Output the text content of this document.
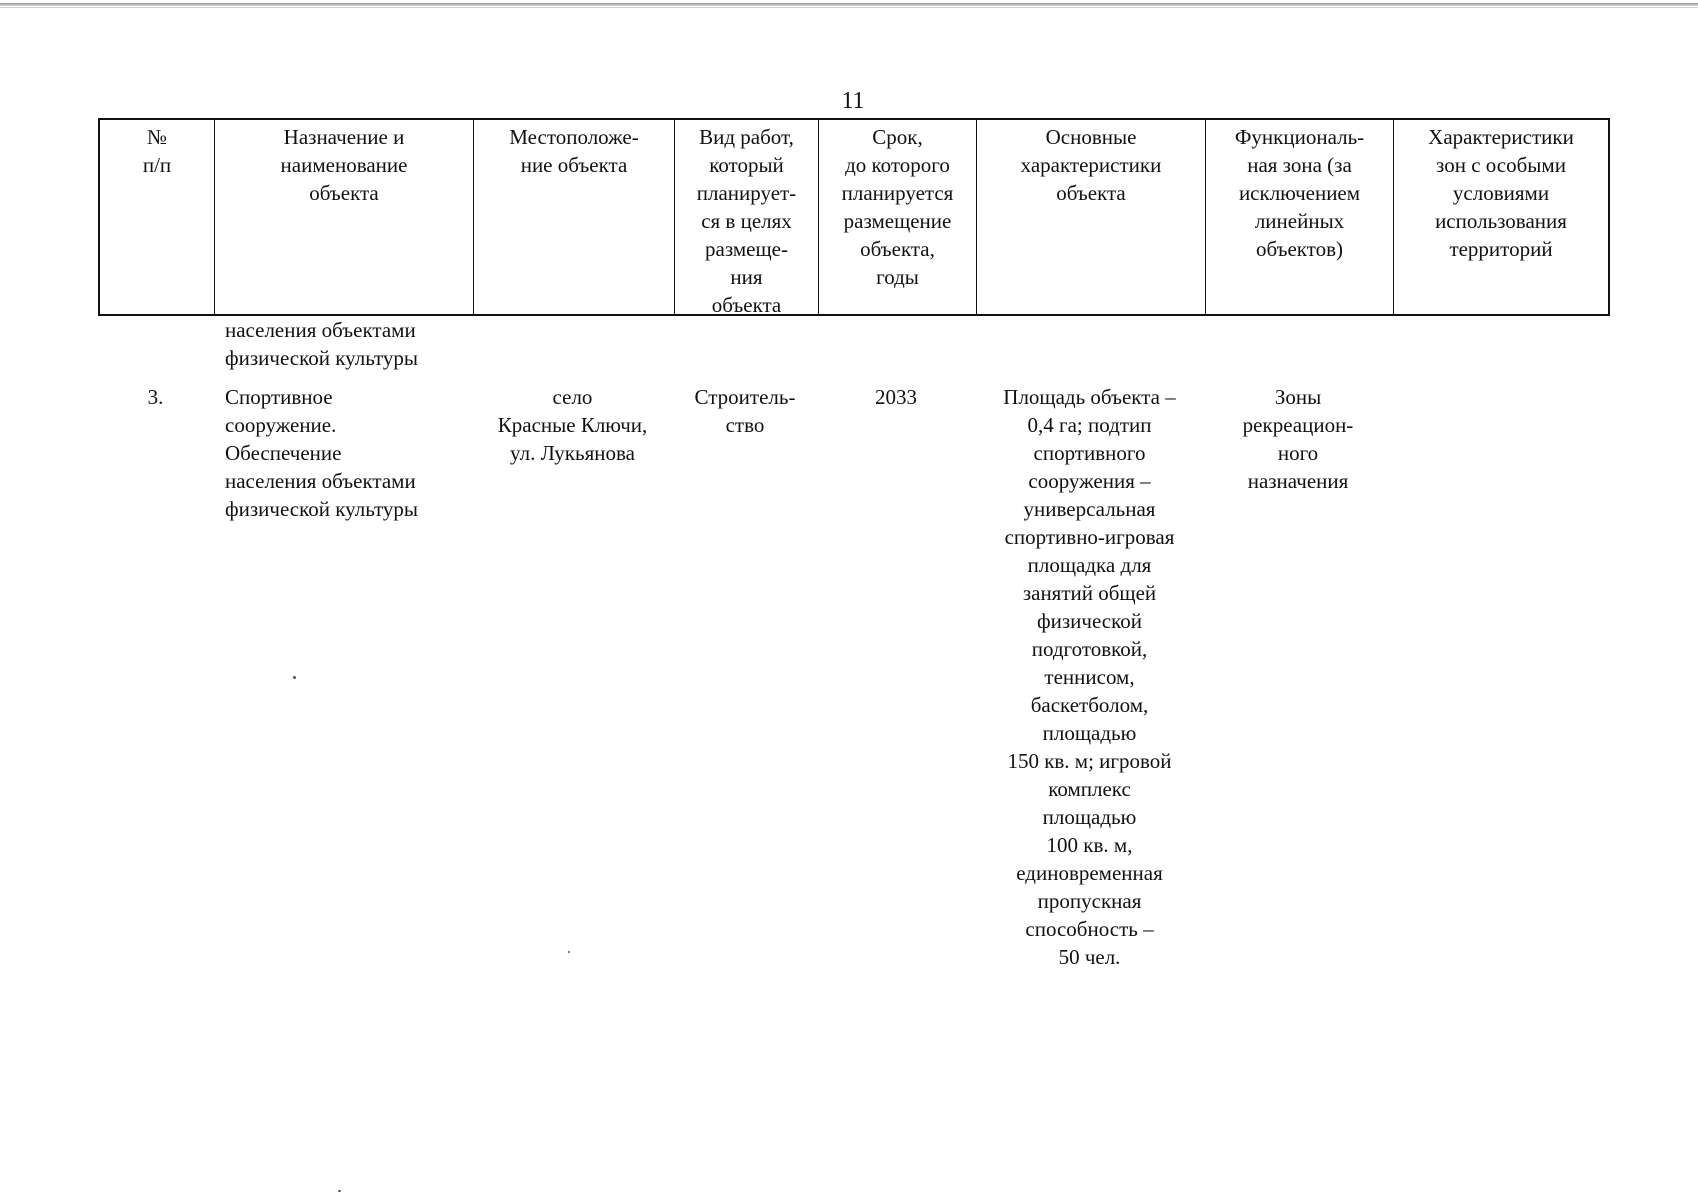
11
№
п/п
Назначение и
наименование
объекта
Местоположе-
ние объекта
Вид работ,
который
планирует-
ся в целях
размеще-
ния
объекта
Срок,
до которого
планируется
размещение
объекта,
годы
Основные
характеристики
объекта
Функциональ-
ная зона (за
исключением
линейных
объектов)
Характеристики
зон с особыми
условиями
использования
территорий
населения объектами
физической культуры
3.	Спортивное
сооружение.
Обеспечение
населения объектами
физической культуры
село
Красные Ключи,
ул. Лукьянова
Строитель-
ство
2033	Площадь объекта –
0,4 га; подтип
спортивного
сооружения –
универсальная
спортивно-игровая
площадка для
занятий общей
физической
подготовкой,
теннисом,
баскетболом,
площадью
150 кв. м; игровой
комплекс
площадью
100 кв. м,
единовременная
пропускная
способность –
50 чел.
Зоны
рекреацион-
ного
назначения
